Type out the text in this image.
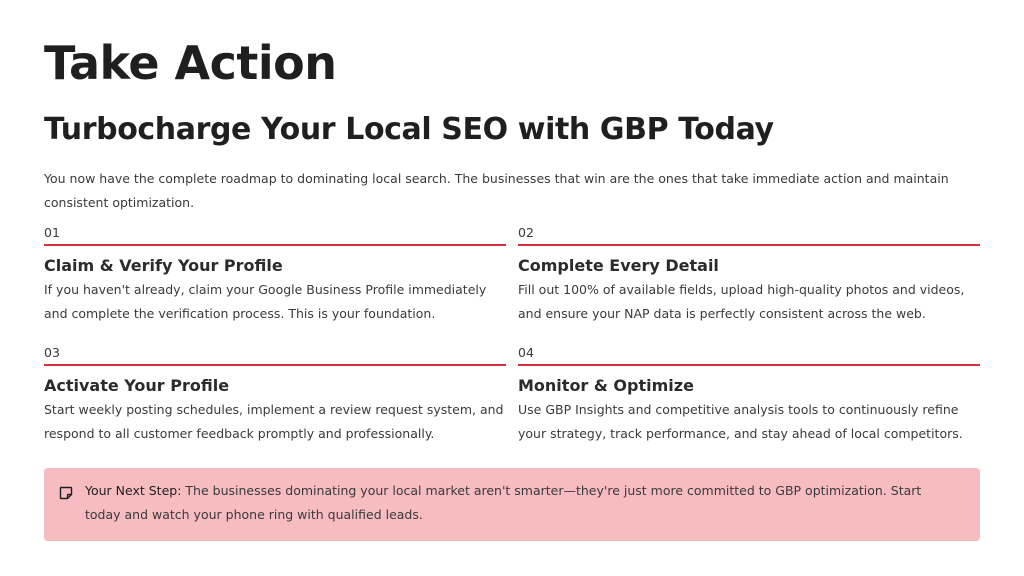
Take Action
Turbocharge Your Local SEO with GBP Today

You now have the complete roadmap to dominating local search. The businesses that win are the ones that take immediate action and maintain consistent optimization.

01
Claim & Verify Your Profile
If you haven't already, claim your Google Business Profile immediately and complete the verification process. This is your foundation.
02
Complete Every Detail
Fill out 100% of available fields, upload high-quality photos and videos, and ensure your NAP data is perfectly consistent across the web.
03
Activate Your Profile
Start weekly posting schedules, implement a review request system, and respond to all customer feedback promptly and professionally.
04
Monitor & Optimize
Use GBP Insights and competitive analysis tools to continuously refine your strategy, track performance, and stay ahead of local competitors.

Your Next Step: The businesses dominating your local market aren't smarter—they're just more committed to GBP optimization. Start today and watch your phone ring with qualified leads.
